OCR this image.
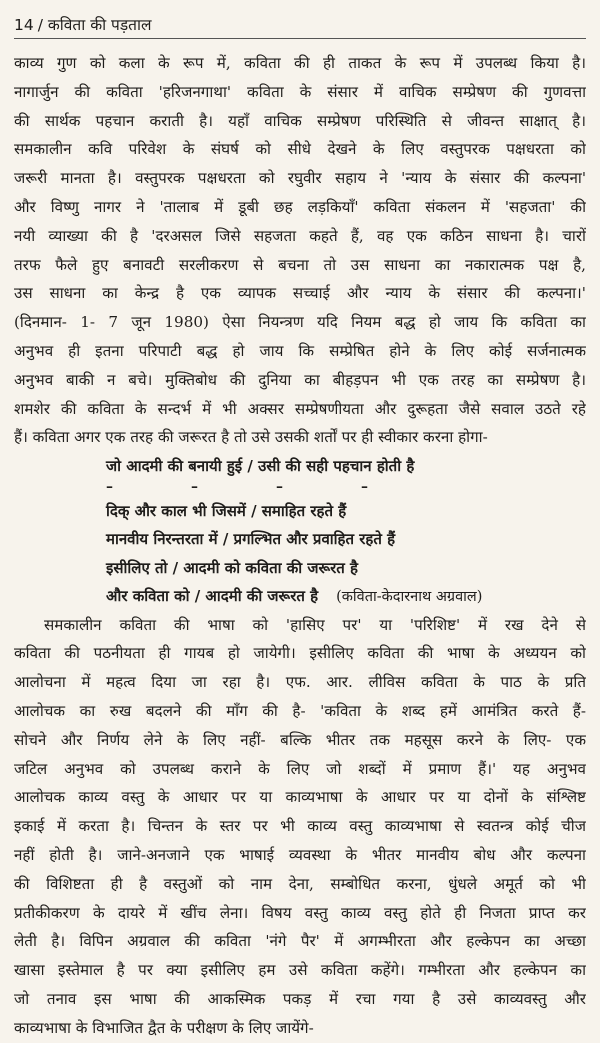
14 / कविता की पड़ताल
काव्य गुण को कला के रूप में, कविता की ही ताकत के रूप में उपलब्ध किया है।
नागार्जुन की कविता 'हरिजनगाथा' कविता के संसार में वाचिक सम्प्रेषण की गुणवत्ता
की सार्थक पहचान कराती है। यहाँ वाचिक सम्प्रेषण परिस्थिति से जीवन्त साक्षात् है।
समकालीन कवि परिवेश के संघर्ष को सीधे देखने के लिए वस्तुपरक पक्षधरता को
जरूरी मानता है। वस्तुपरक पक्षधरता को रघुवीर सहाय ने 'न्याय के संसार की कल्पना'
और विष्णु नागर ने 'तालाब में डूबी छह लड़कियाँ' कविता संकलन में 'सहजता' की
नयी व्याख्या की है 'दरअसल जिसे सहजता कहते हैं, वह एक कठिन साधना है। चारों
तरफ फैले हुए बनावटी सरलीकरण से बचना तो उस साधना का नकारात्मक पक्ष है,
उस साधना का केन्द्र है एक व्यापक सच्चाई और न्याय के संसार की कल्पना।'
(दिनमान- 1- 7 जून 1980) ऐसा नियन्त्रण यदि नियम बद्ध हो जाय कि कविता का
अनुभव ही इतना परिपाटी बद्ध हो जाय कि सम्प्रेषित होने के लिए कोई सर्जनात्मक
अनुभव बाकी न बचे। मुक्तिबोध की दुनिया का बीहड़पन भी एक तरह का सम्प्रेषण है।
शमशेर की कविता के सन्दर्भ में भी अक्सर सम्प्रेषणीयता और दुरूहता जैसे सवाल उठते रहे
हैं। कविता अगर एक तरह की जरूरत है तो उसे उसकी शर्तों पर ही स्वीकार करना होगा-
जो आदमी की बनायी हुई / उसी की सही पहचान होती है
–	–	–	–
दिक् और काल भी जिसमें / समाहित रहते हैं
मानवीय निरन्तरता में / प्रगल्भित और प्रवाहित रहते हैं
इसीलिए तो / आदमी को कविता की जरूरत है
और कविता को / आदमी की जरूरत है (कविता-केदारनाथ अग्रवाल)
समकालीन कविता की भाषा को 'हासिए पर' या 'परिशिष्ट' में रख देने से
कविता की पठनीयता ही गायब हो जायेगी। इसीलिए कविता की भाषा के अध्ययन को
आलोचना में महत्व दिया जा रहा है। एफ. आर. लीविस कविता के पाठ के प्रति
आलोचक का रुख बदलने की माँग की है- 'कविता के शब्द हमें आमंत्रित करते हैं-
सोचने और निर्णय लेने के लिए नहीं- बल्कि भीतर तक महसूस करने के लिए- एक
जटिल अनुभव को उपलब्ध कराने के लिए जो शब्दों में प्रमाण हैं।' यह अनुभव
आलोचक काव्य वस्तु के आधार पर या काव्यभाषा के आधार पर या दोनों के संश्लिष्ट
इकाई में करता है। चिन्तन के स्तर पर भी काव्य वस्तु काव्यभाषा से स्वतन्त्र कोई चीज
नहीं होती है। जाने-अनजाने एक भाषाई व्यवस्था के भीतर मानवीय बोध और कल्पना
की विशिष्टता ही है वस्तुओं को नाम देना, सम्बोधित करना, धुंधले अमूर्त को भी
प्रतीकीकरण के दायरे में खींच लेना। विषय वस्तु काव्य वस्तु होते ही निजता प्राप्त कर
लेती है। विपिन अग्रवाल की कविता 'नंगे पैर' में अगम्भीरता और हल्केपन का अच्छा
खासा इस्तेमाल है पर क्या इसीलिए हम उसे कविता कहेंगे। गम्भीरता और हल्केपन का
जो तनाव इस भाषा की आकस्मिक पकड़ में रचा गया है उसे काव्यवस्तु और
काव्यभाषा के विभाजित द्वैत के परीक्षण के लिए जायेंगे-
